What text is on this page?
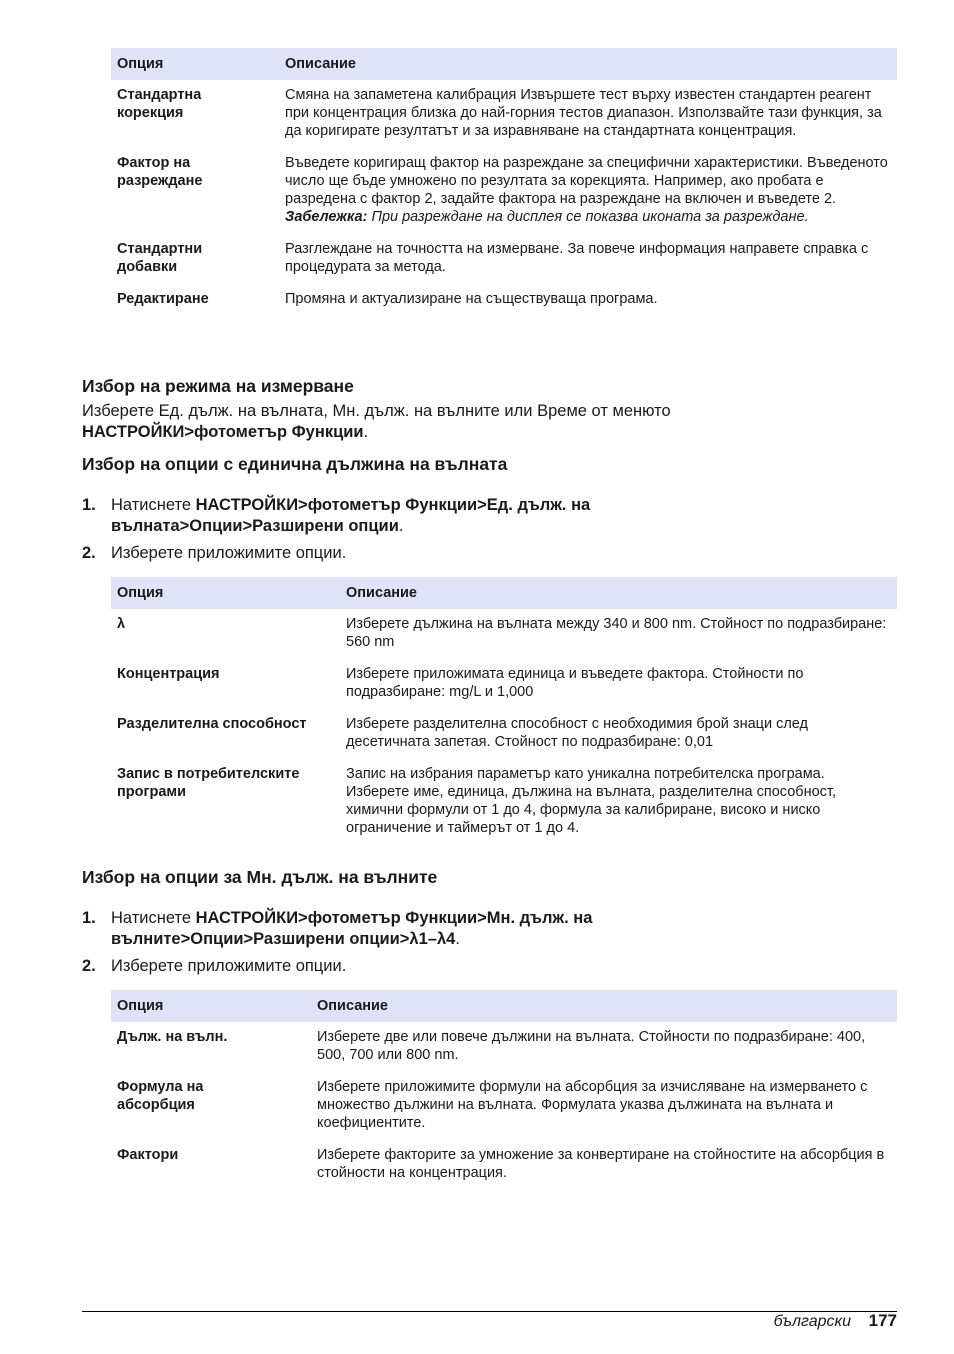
Опция	Описание
Стандартна корекция	Смяна на запаметена калибрация Извършете тест върху известен стандартен реагент при концентрация близка до най-горния тестов диапазон. Използвайте тази функция, за да коригирате резултатът и за изравняване на стандартната концентрация.
Фактор на разреждане	Въведете коригиращ фактор на разреждане за специфични характеристики. Въведеното число ще бъде умножено по резултата за корекцията. Например, ако пробата е разредена с фактор 2, задайте фактора на разреждане на включен и въведете 2.
Забележка: При разреждане на дисплея се показва иконата за разреждане.
Стандартни добавки	Разглеждане на точността на измерване. За повече информация направете справка с процедурата за метода.
Редактиране	Промяна и актуализиране на съществуваща програма.
Избор на режима на измерване

Изберете Ед. дълж. на вълната, Мн. дълж. на вълните или Време от менюто
НАСТРОЙКИ>фотометър Функции.

Избор на опции с единична дължина на вълната
1. Натиснете НАСТРОЙКИ>фотометър Функции>Ед. дълж. на вълната>Опции>Разширени опции.
2. Изберете приложимите опции.
Опция	Описание
λ	Изберете дължина на вълната между 340 и 800 nm. Стойност по подразбиране: 560 nm
Концентрация	Изберете приложимата единица и въведете фактора. Стойности по подразбиране: mg/L и 1,000
Разделителна способност	Изберете разделителна способност с необходимия брой знаци след десетичната запетая. Стойност по подразбиране: 0,01
Запис в потребителските програми	Запис на избрания параметър като уникална потребителска програма. Изберете име, единица, дължина на вълната, разделителна способност, химични формули от 1 до 4, формула за калибриране, високо и ниско ограничение и таймерът от 1 до 4.
Избор на опции за Мн. дълж. на вълните
1. Натиснете НАСТРОЙКИ>фотометър Функции>Мн. дълж. на вълните>Опции>Разширени опции>λ1–λ4.
2. Изберете приложимите опции.
Опция	Описание
Дълж. на вълн.	Изберете две или повече дължини на вълната. Стойности по подразбиране: 400, 500, 700 или 800 nm.
Формула на абсорбция	Изберете приложимите формули на абсорбция за изчисляване на измерването с множество дължини на вълната. Формулата указва дължината на вълната и коефициентите.
Фактори	Изберете факторите за умножение за конвертиране на стойностите на абсорбция в стойности на концентрация.
български 177
